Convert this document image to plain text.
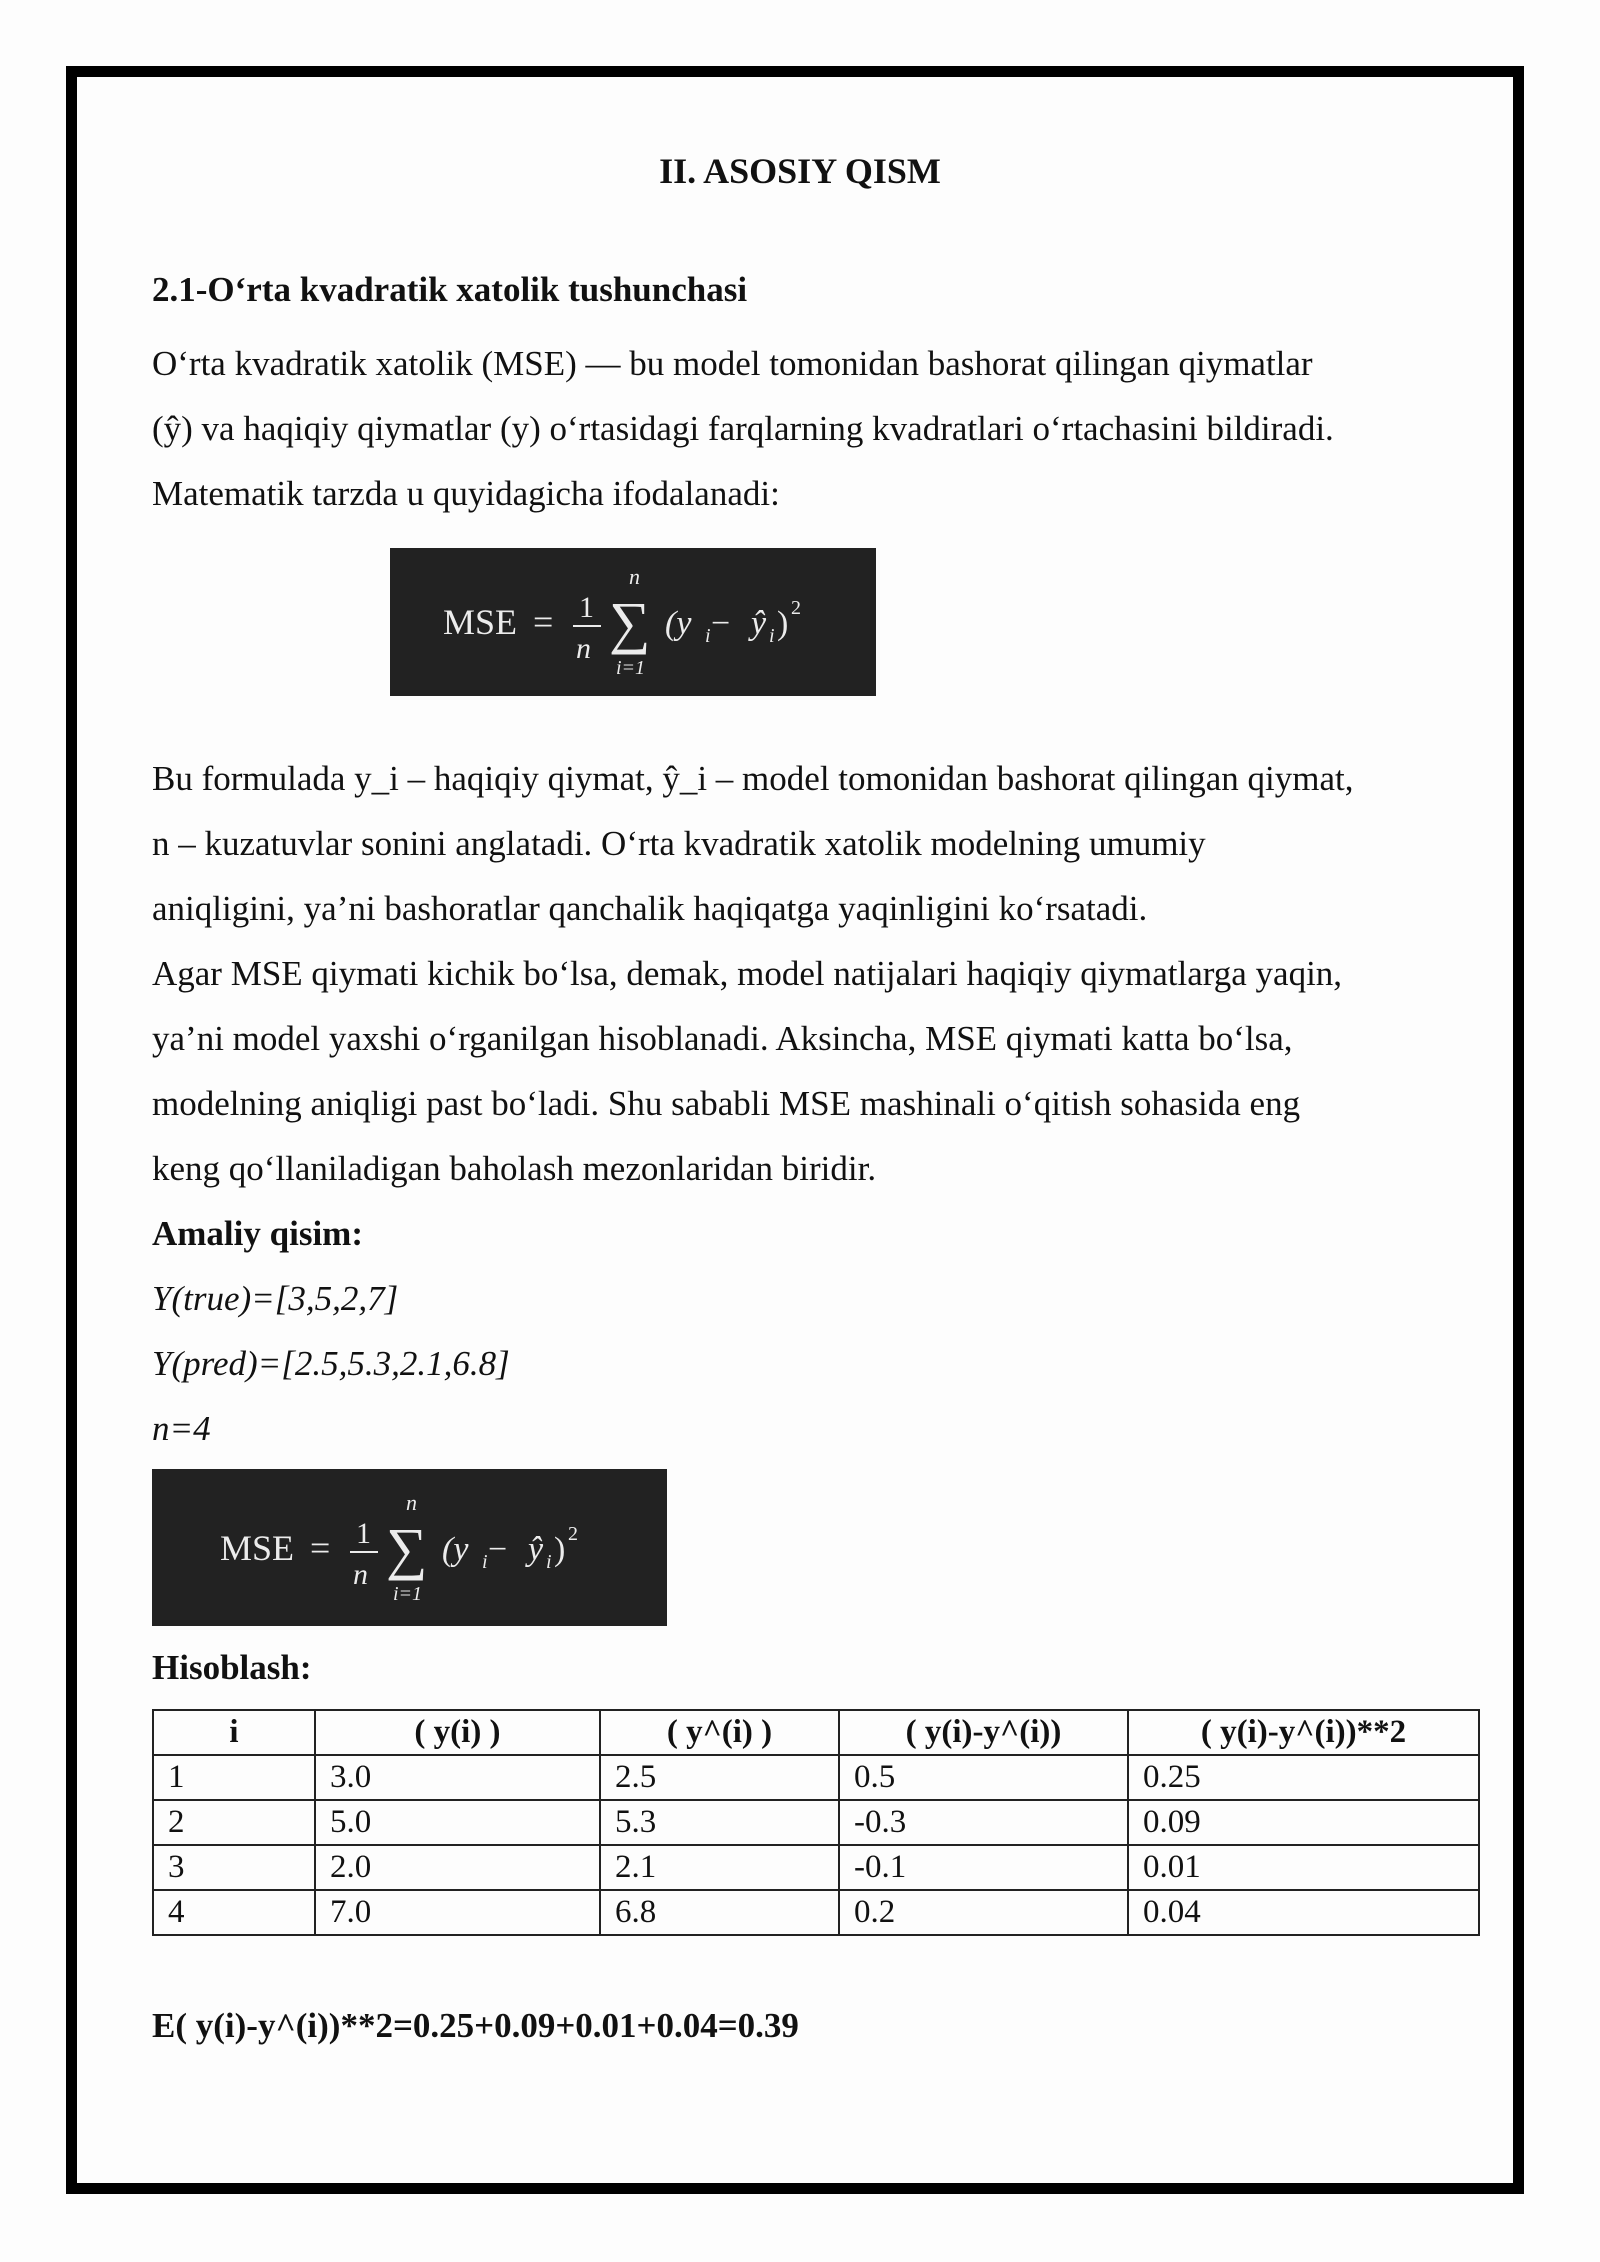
II. ASOSIY QISM
2.1-O‘rta kvadratik xatolik tushunchasi
O‘rta kvadratik xatolik (MSE) — bu model tomonidan bashorat qilingan qiymatlar
(ŷ) va haqiqiy qiymatlar (y) o‘rtasidagi farqlarning kvadratlari o‘rtachasini bildiradi.
Matematik tarzda u quyidagicha ifodalanadi:
MSE = 1
n
n
∑
i=1
(y i − ŷ i ) 2
Bu formulada y_i – haqiqiy qiymat, ŷ_i – model tomonidan bashorat qilingan qiymat,
n – kuzatuvlar sonini anglatadi. O‘rta kvadratik xatolik modelning umumiy
aniqligini, ya’ni bashoratlar qanchalik haqiqatga yaqinligini ko‘rsatadi.
Agar MSE qiymati kichik bo‘lsa, demak, model natijalari haqiqiy qiymatlarga yaqin,
ya’ni model yaxshi o‘rganilgan hisoblanadi. Aksincha, MSE qiymati katta bo‘lsa,
modelning aniqligi past bo‘ladi. Shu sababli MSE mashinali o‘qitish sohasida eng
keng qo‘llaniladigan baholash mezonlaridan biridir.
Amaliy qisim:
Y(true)=[3,5,2,7]
Y(pred)=[2.5,5.3,2.1,6.8]
n=4
MSE = 1
n
n
∑
i=1
(y i − ŷ i ) 2
Hisoblash:
i	( y(i) )	( y^(i) )	( y(i)-y^(i))	( y(i)-y^(i))**2
1	3.0	2.5	0.5	0.25
2	5.0	5.3	-0.3	0.09
3	2.0	2.1	-0.1	0.01
4	7.0	6.8	0.2	0.04
E( y(i)-y^(i))**2=0.25+0.09+0.01+0.04=0.39
